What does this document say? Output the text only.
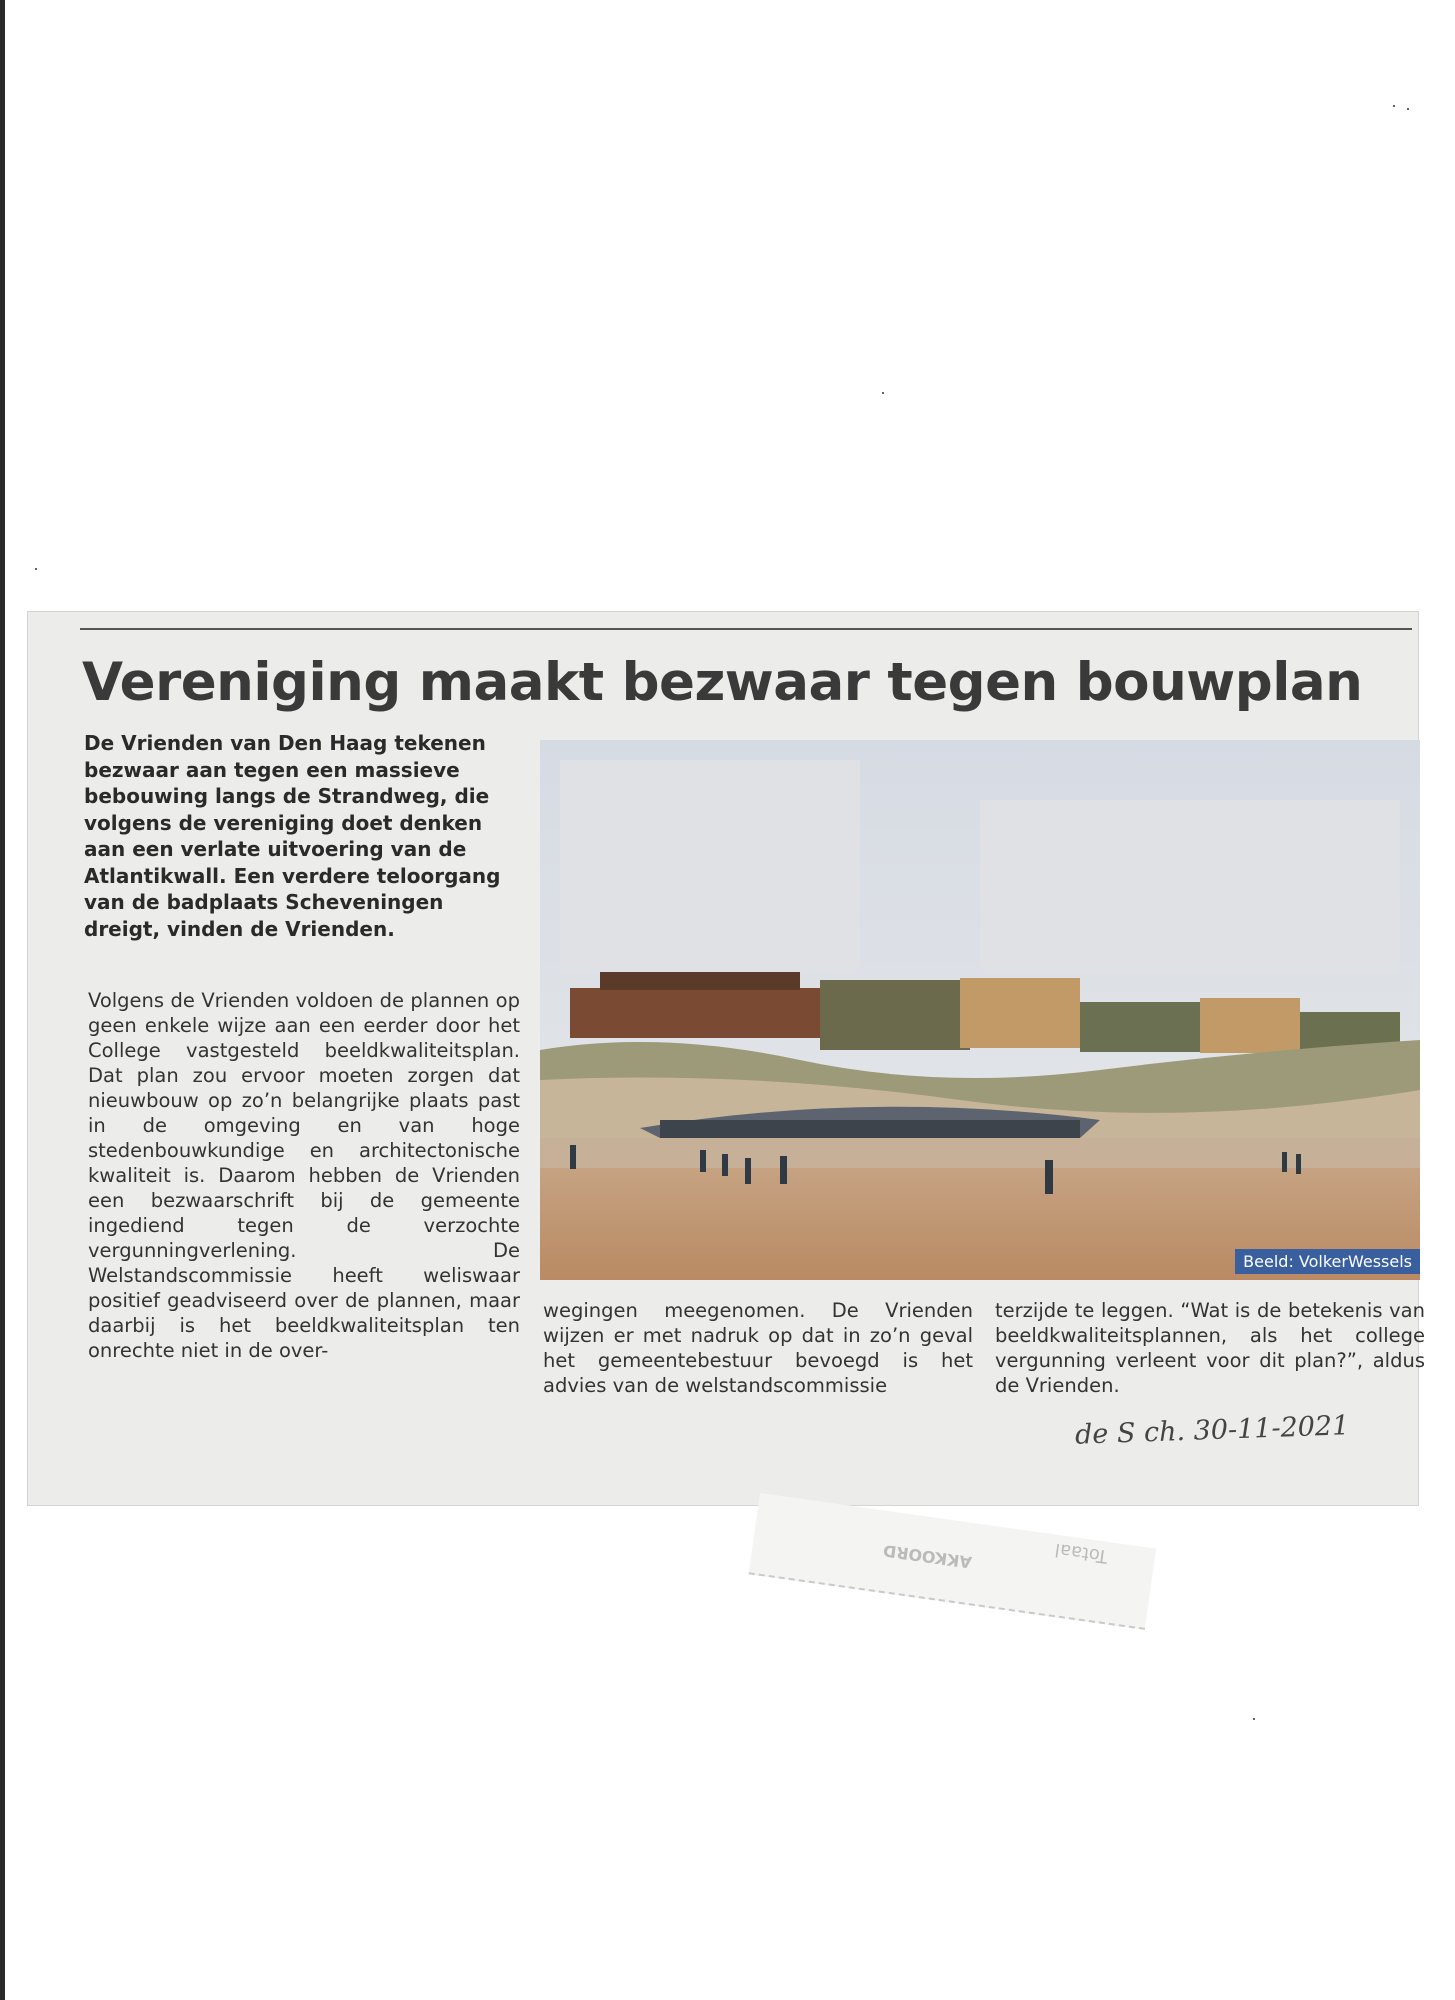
Vereniging maakt bezwaar tegen bouwplan

De Vrienden van Den Haag tekenen bezwaar aan tegen een massieve bebouwing langs de Strandweg, die volgens de vereniging doet denken aan een verlate uitvoering van de Atlantikwall. Een verdere teloorgang van de badplaats Scheveningen dreigt, vinden de Vrienden.

Beeld: VolkerWessels

Volgens de Vrienden voldoen de plannen op geen enkele wijze aan een eerder door het College vastgesteld beeldkwaliteitsplan. Dat plan zou ervoor moeten zorgen dat nieuwbouw op zo’n belangrijke plaats past in de omgeving en van hoge stedenbouwkundige en architectonische kwaliteit is. Daarom hebben de Vrienden een bezwaarschrift bij de gemeente ingediend tegen de verzochte vergunningverlening. De Welstandscommissie heeft weliswaar positief geadviseerd over de plannen, maar daarbij is het beeldkwaliteitsplan ten onrechte niet in de over-

wegingen meegenomen. De Vrienden wijzen er met nadruk op dat in zo’n geval het gemeentebestuur bevoegd is het advies van de welstandscommissie

terzijde te leggen. “Wat is de betekenis van beeldkwaliteitsplannen, als het college vergunning verleent voor dit plan?”, aldus de Vrienden.

de S ch. 30-11-2021
AKKOORD	Totaal
